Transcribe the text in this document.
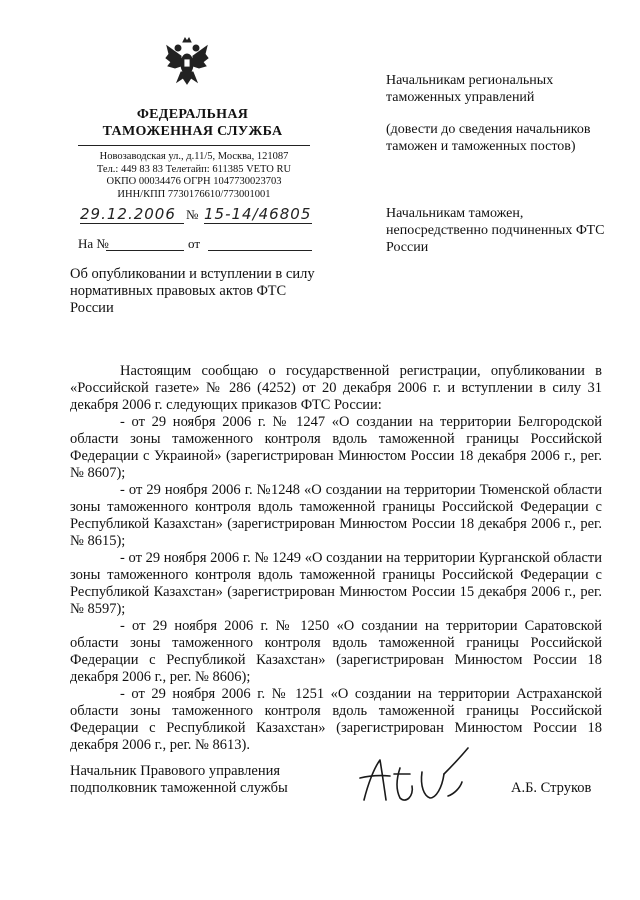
ФЕДЕРАЛЬНАЯ
ТАМОЖЕННАЯ СЛУЖБА
Новозаводская ул., д.11/5, Москва, 121087
Тел.: 449 83 83 Телетайп: 611385 VETO RU
ОКПО 00034476 ОГРН 1047730023703
ИНН/КПП 7730176610/773001001
29.12.2006 № 15-14/46805
На №	от
Об опубликовании и вступлении в силу нормативных правовых актов ФТС России
Начальникам региональных таможенных управлений
(довести до сведения начальников таможен и таможенных постов)
Начальникам таможен, непосредственно подчиненных ФТС России

Настоящим сообщаю о государственной регистрации, опубликовании в «Российской газете» № 286 (4252) от 20 декабря 2006 г. и вступлении в силу 31 декабря 2006 г. следующих приказов ФТС России:

- от 29 ноября 2006 г. № 1247 «О создании на территории Белгородской области зоны таможенного контроля вдоль таможенной границы Российской Федерации с Украиной» (зарегистрирован Минюстом России 18 декабря 2006 г., рег. № 8607);

- от 29 ноября 2006 г. №1248 «О создании на территории Тюменской области зоны таможенного контроля вдоль таможенной границы Российской Федерации с Республикой Казахстан» (зарегистрирован Минюстом России 18 декабря 2006 г., рег. № 8615);

- от 29 ноября 2006 г. № 1249 «О создании на территории Курганской области зоны таможенного контроля вдоль таможенной границы Российской Федерации с Республикой Казахстан» (зарегистрирован Минюстом России 15 декабря 2006 г., рег. № 8597);

- от 29 ноября 2006 г. № 1250 «О создании на территории Саратовской области зоны таможенного контроля вдоль таможенной границы Российской Федерации с Республикой Казахстан» (зарегистрирован Минюстом России 18 декабря 2006 г., рег. № 8606);

- от 29 ноября 2006 г. № 1251 «О создании на территории Астраханской области зоны таможенного контроля вдоль таможенной границы Российской Федерации с Республикой Казахстан» (зарегистрирован Минюстом России 18 декабря 2006 г., рег. № 8613).

Начальник Правового управления
подполковник таможенной службы	А.Б. Струков
